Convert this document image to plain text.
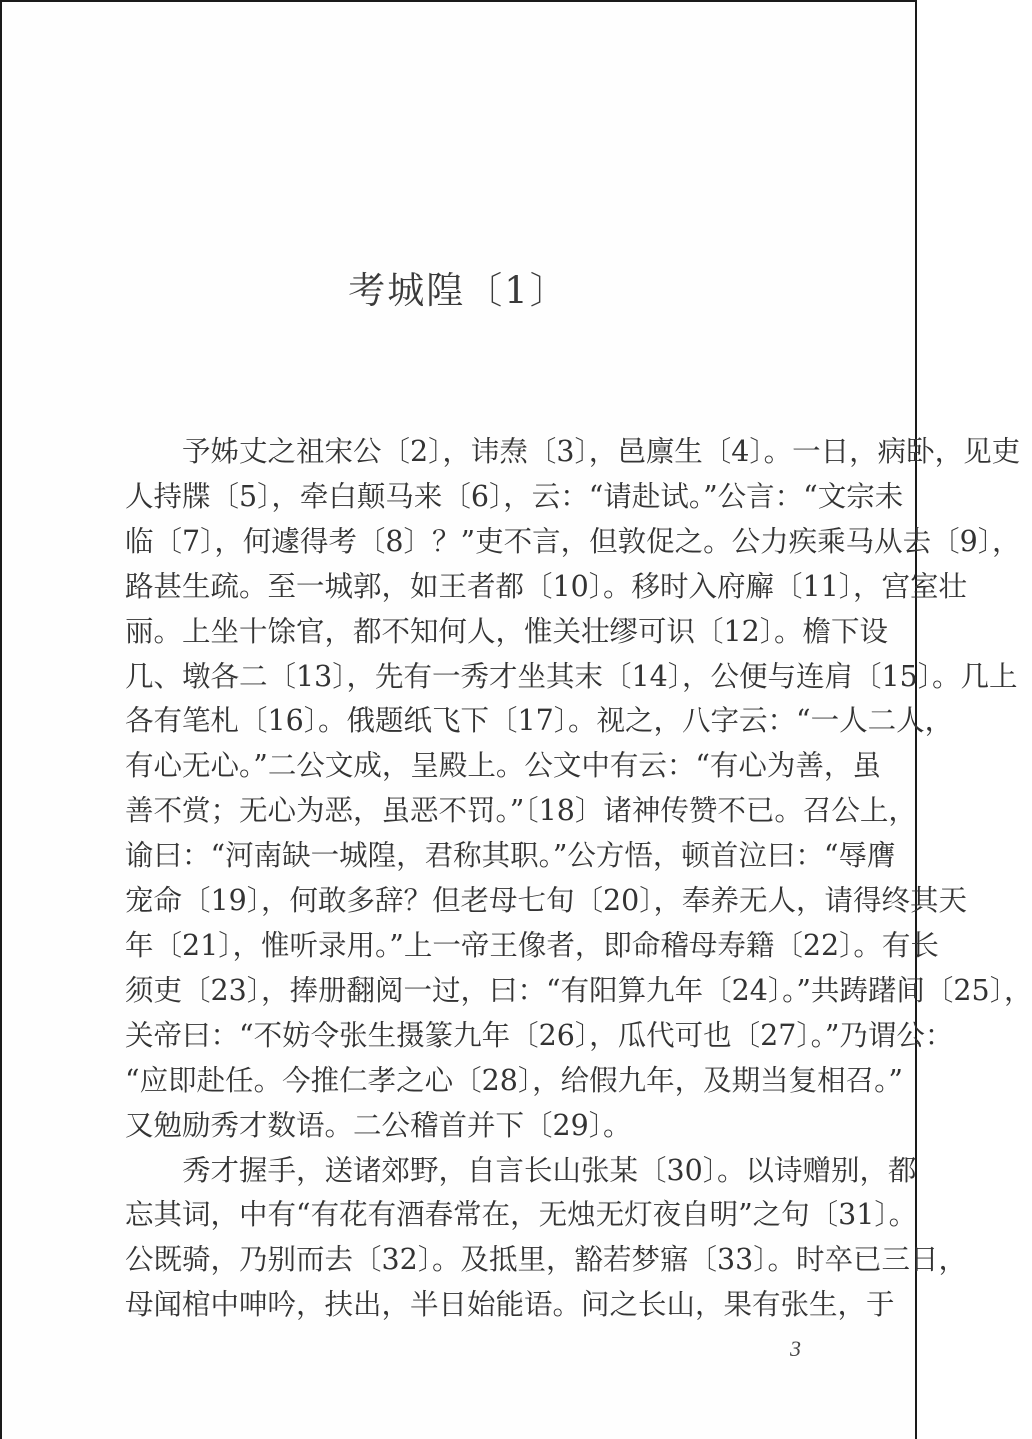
考城隍〔1〕
　　予姊丈之祖宋公〔2〕，讳焘〔3〕，邑廪生〔4〕。一日，病卧，见吏
人持牒〔5〕，牵白颠马来〔6〕，云：“请赴试。”公言：“文宗未
临〔7〕，何遽得考〔8〕？”吏不言，但敦促之。公力疾乘马从去〔9〕，
路甚生疏。至一城郭，如王者都〔10〕。移时入府廨〔11〕，宫室壮
丽。上坐十馀官，都不知何人，惟关壮缪可识〔12〕。檐下设
几、墩各二〔13〕，先有一秀才坐其末〔14〕，公便与连肩〔15〕。几上
各有笔札〔16〕。俄题纸飞下〔17〕。视之，八字云：“一人二人，
有心无心。”二公文成，呈殿上。公文中有云：“有心为善，虽
善不赏；无心为恶，虽恶不罚。”〔18〕诸神传赞不已。召公上，
谕曰：“河南缺一城隍，君称其职。”公方悟，顿首泣曰：“辱膺
宠命〔19〕，何敢多辞？但老母七旬〔20〕，奉养无人，请得终其天
年〔21〕，惟听录用。”上一帝王像者，即命稽母寿籍〔22〕。有长
须吏〔23〕，捧册翻阅一过，曰：“有阳算九年〔24〕。”共踌躇间〔25〕，
关帝曰：“不妨令张生摄篆九年〔26〕，瓜代可也〔27〕。”乃谓公：
“应即赴任。今推仁孝之心〔28〕，给假九年，及期当复相召。”
又勉励秀才数语。二公稽首并下〔29〕。
　　秀才握手，送诸郊野，自言长山张某〔30〕。以诗赠别，都
忘其词，中有“有花有酒春常在，无烛无灯夜自明”之句〔31〕。
公既骑，乃别而去〔32〕。及抵里，豁若梦寤〔33〕。时卒已三日，
母闻棺中呻吟，扶出，半日始能语。问之长山，果有张生，于
3
